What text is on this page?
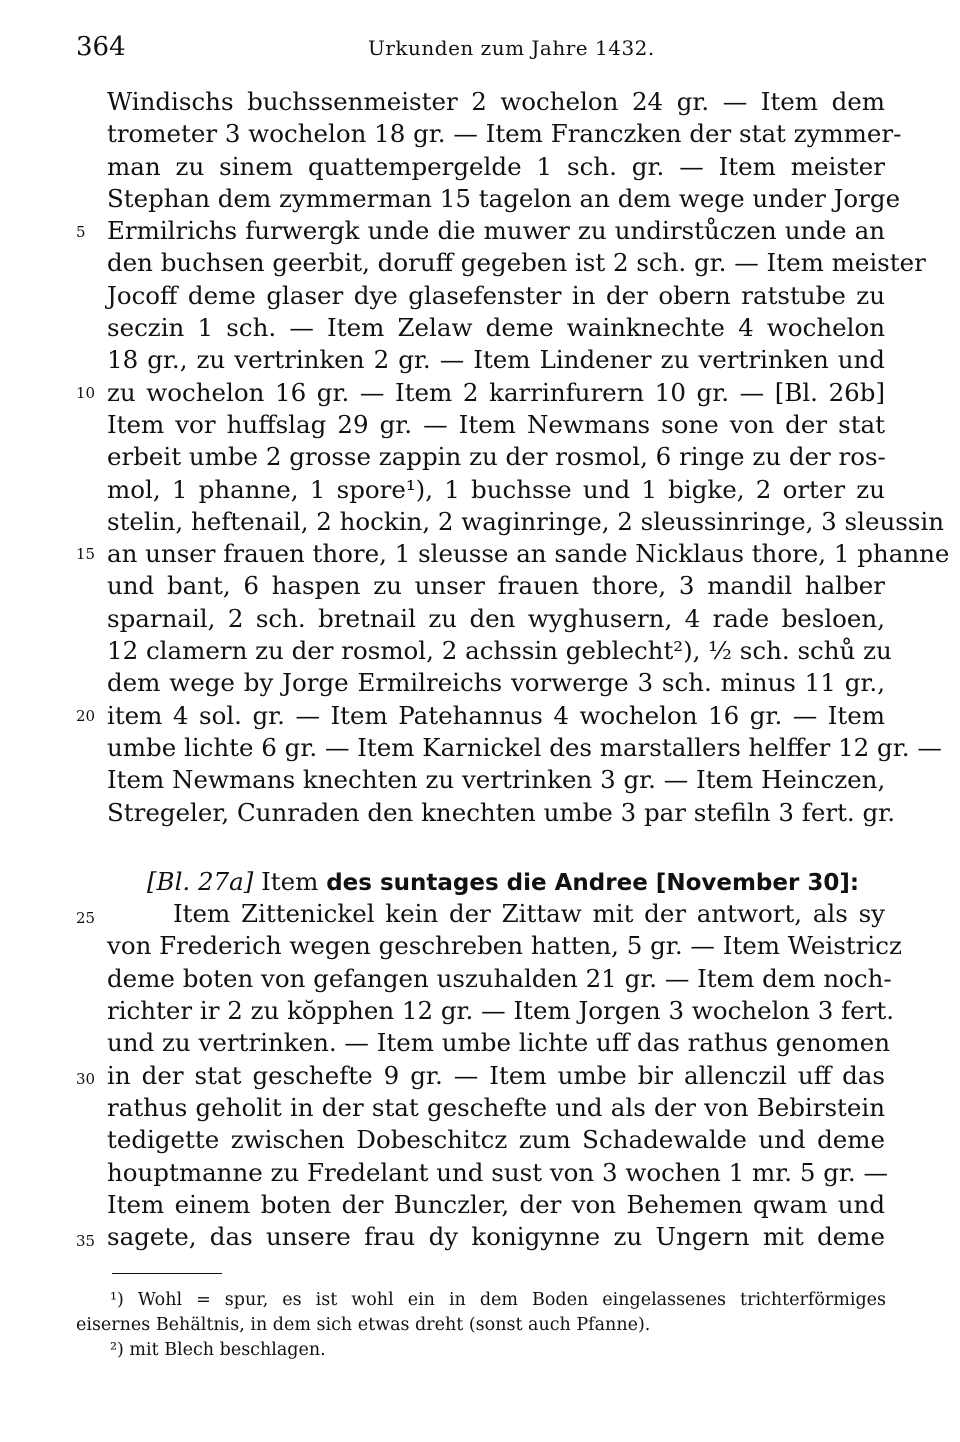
364	Urkunden zum Jahre 1432.
5
10
15
20
25
30
35
Windischs buchssenmeister 2 wochelon 24 gr. — Item dem
trometer 3 wochelon 18 gr. — Item Franczken der stat zymmer-
man zu sinem quattempergelde 1 sch. gr. — Item meister
Stephan dem zymmerman 15 tagelon an dem wege under Jorge
Ermilrichs furwergk unde die muwer zu undirstůczen unde an
den buchsen geerbit, doruff gegeben ist 2 sch. gr. — Item meister
Jocoff deme glaser dye glasefenster in der obern ratstube zu
seczin 1 sch. — Item Zelaw deme wainknechte 4 wochelon
18 gr., zu vertrinken 2 gr. — Item Lindener zu vertrinken und
zu wochelon 16 gr. — Item 2 karrinfurern 10 gr. — [Bl. 26b]
Item vor huffslag 29 gr. — Item Newmans sone von der stat
erbeit umbe 2 grosse zappin zu der rosmol, 6 ringe zu der ros-
mol, 1 phanne, 1 spore¹), 1 buchsse und 1 bigke, 2 orter zu
stelin, heftenail, 2 hockin, 2 waginringe, 2 sleussinringe, 3 sleussin
an unser frauen thore, 1 sleusse an sande Nicklaus thore, 1 phanne
und bant, 6 haspen zu unser frauen thore, 3 mandil halber
sparnail, 2 sch. bretnail zu den wyghusern, 4 rade besloen,
12 clamern zu der rosmol, 2 achssin geblecht²), ½ sch. schů zu
dem wege by Jorge Ermilreichs vorwerge 3 sch. minus 11 gr.,
item 4 sol. gr. — Item Patehannus 4 wochelon 16 gr. — Item
umbe lichte 6 gr. — Item Karnickel des marstallers helffer 12 gr. —
Item Newmans knechten zu vertrinken 3 gr. — Item Heinczen,
Stregeler, Cunraden den knechten umbe 3 par stefiln 3 fert. gr.
[Bl. 27a] Item des suntages die Andree [November 30]:
Item Zittenickel kein der Zittaw mit der antwort, als sy
von Frederich wegen geschreben hatten, 5 gr. — Item Weistricz
deme boten von gefangen uszuhalden 21 gr. — Item dem noch-
richter ir 2 zu kŏpphen 12 gr. — Item Jorgen 3 wochelon 3 fert.
und zu vertrinken. — Item umbe lichte uff das rathus genomen
in der stat geschefte 9 gr. — Item umbe bir allenczil uff das
rathus geholit in der stat geschefte und als der von Bebirstein
tedigette zwischen Dobeschitcz zum Schadewalde und deme
houptmanne zu Fredelant und sust von 3 wochen 1 mr. 5 gr. —
Item einem boten der Bunczler, der von Behemen qwam und
sagete, das unsere frau dy konigynne zu Ungern mit deme
¹) Wohl = spur, es ist wohl ein in dem Boden eingelassenes trichterförmiges
eisernes Behältnis, in dem sich etwas dreht (sonst auch Pfanne).
²) mit Blech beschlagen.
